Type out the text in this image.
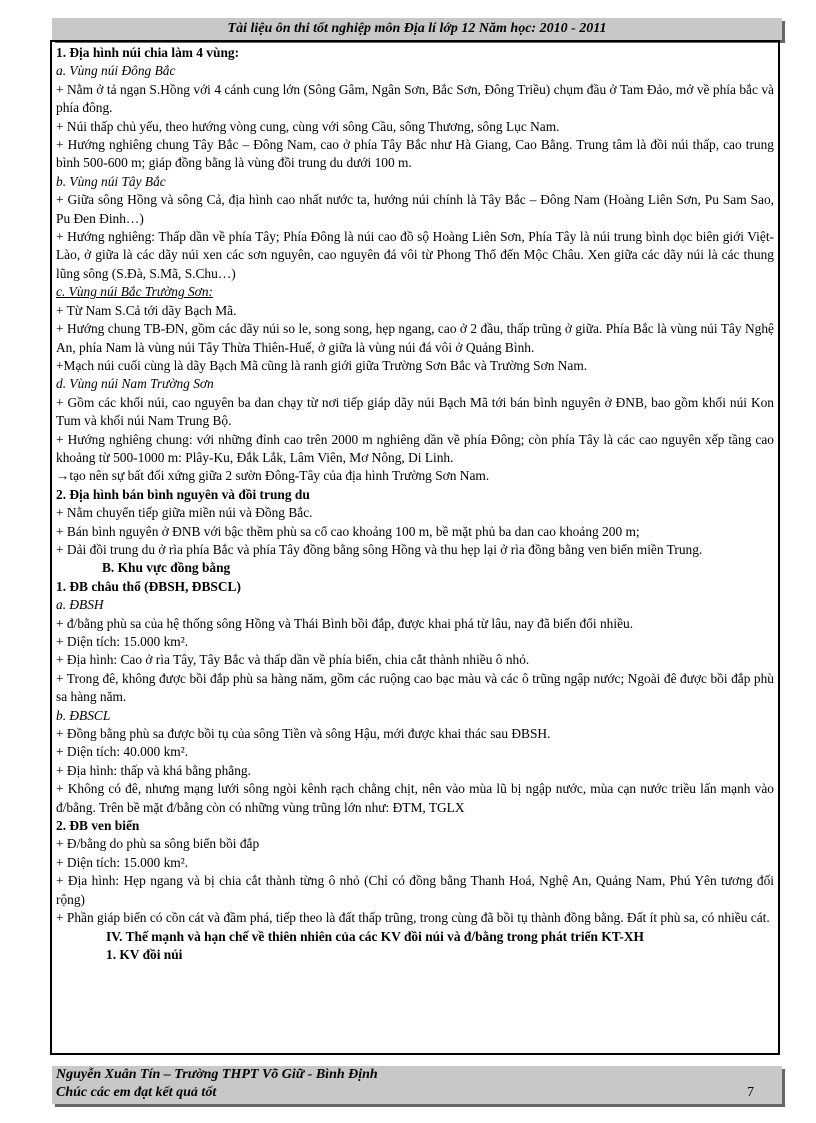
Tài liệu ôn thi tốt nghiệp môn Địa lí lớp 12 Năm học: 2010 - 2011

1. Địa hình núi chia làm 4 vùng:

a. Vùng núi Đông Bắc

+ Nằm ở tả ngạn S.Hồng với 4 cánh cung lớn (Sông Gâm, Ngân Sơn, Bắc Sơn, Đông Triều) chụm đầu ở Tam Đảo, mở về phía bắc và phía đông.

+ Núi thấp chủ yếu, theo hướng vòng cung, cùng với sông Cầu, sông Thương, sông Lục Nam.

+ Hướng nghiêng chung Tây Bắc – Đông Nam, cao ở phía Tây Bắc như Hà Giang, Cao Bằng. Trung tâm là đồi núi thấp, cao trung bình 500-600 m; giáp đồng bằng là vùng đồi trung du dưới 100 m.

b. Vùng núi Tây Bắc

+ Giữa sông Hồng và sông Cả, địa hình cao nhất nước ta, hướng núi chính là Tây Bắc – Đông Nam (Hoàng Liên Sơn, Pu Sam Sao, Pu Đen Đinh…)

+ Hướng nghiêng: Thấp dần về phía Tây; Phía Đông là núi cao đồ sộ Hoàng Liên Sơn, Phía Tây là núi trung bình dọc biên giới Việt-Lào, ở giữa là các dãy núi xen các sơn nguyên, cao nguyên đá vôi từ Phong Thổ đến Mộc Châu. Xen giữa các dãy núi là các thung lũng sông (S.Đà, S.Mã, S.Chu…)

c. Vùng núi Bắc Trường Sơn:

+ Từ Nam S.Cả tới dãy Bạch Mã.

+ Hướng chung TB-ĐN, gồm các dãy núi so le, song song, hẹp ngang, cao ở 2 đầu, thấp trũng ở giữa. Phía Bắc là vùng núi Tây Nghệ An, phía Nam là vùng núi Tây Thừa Thiên-Huế, ở giữa là vùng núi đá vôi ở Quảng Bình.

+Mạch núi cuối cùng là dãy Bạch Mã cũng là ranh giới giữa Trường Sơn Bắc và Trường Sơn Nam.

d. Vùng núi Nam Trường Sơn

+ Gồm các khối núi, cao nguyên ba dan chạy từ nơi tiếp giáp dãy núi Bạch Mã tới bán bình nguyên ở ĐNB, bao gồm khối núi Kon Tum và khối núi Nam Trung Bộ.

+ Hướng nghiêng chung: với những đỉnh cao trên 2000 m nghiêng dần về phía Đông; còn phía Tây là các cao nguyên xếp tầng cao khoảng từ 500-1000 m: Plây-Ku, Đắk Lắk, Lâm Viên, Mơ Nông, Di Linh.

→tạo nên sự bất đối xứng giữa 2 sườn Đông-Tây của địa hình Trường Sơn Nam.

2. Địa hình bán bình nguyên và đồi trung du

+ Nằm chuyển tiếp giữa miền núi và Đồng Bắc.

+ Bán bình nguyên ở ĐNB với bậc thềm phù sa cổ cao khoảng 100 m, bề mặt phủ ba dan cao khoảng 200 m;

+ Dải đồi trung du ở rìa phía Bắc và phía Tây đồng bằng sông Hồng và thu hẹp lại ở rìa đồng bằng ven biển miền Trung.

B. Khu vực đồng bằng

1. ĐB châu thổ (ĐBSH, ĐBSCL)

a. ĐBSH

+ đ/bằng phù sa của hệ thống sông Hồng và Thái Bình bồi đắp, được khai phá từ lâu, nay đã biến đổi nhiều.

+ Diện tích: 15.000 km².

+ Địa hình: Cao ở rìa Tây, Tây Bắc và thấp dần về phía biển, chia cắt thành nhiều ô nhỏ.

+ Trong đê, không được bồi đắp phù sa hàng năm, gồm các ruộng cao bạc màu và các ô trũng ngập nước; Ngoài đê được bồi đắp phù sa hàng năm.

b. ĐBSCL

+ Đồng bằng phù sa được bồi tụ của sông Tiền và sông Hậu, mới được khai thác sau ĐBSH.

+ Diện tích: 40.000 km².

+ Địa hình: thấp và khá bằng phẳng.

+ Không có đê, nhưng mạng lưới sông ngòi kênh rạch chằng chịt, nên vào mùa lũ bị ngập nước, mùa cạn nước triều lấn mạnh vào đ/bằng. Trên bề mặt đ/bằng còn có những vùng trũng lớn như: ĐTM, TGLX

2. ĐB ven biển

+ Đ/bằng do phù sa sông biển bồi đắp

+ Diện tích: 15.000 km².

+ Địa hình: Hẹp ngang và bị chia cắt thành từng ô nhỏ (Chỉ có đồng bằng Thanh Hoá, Nghệ An, Quảng Nam, Phú Yên tương đối rộng)

+ Phần giáp biển có cồn cát và đầm phá, tiếp theo là đất thấp trũng, trong cùng đã bồi tụ thành đồng bằng. Đất ít phù sa, có nhiều cát.

IV. Thế mạnh và hạn chế về thiên nhiên của các KV đồi núi và đ/bằng trong phát triển KT-XH

1. KV đồi núi

Nguyễn Xuân Tín – Trường THPT Võ Giữ - Bình Định
Chúc các em đạt kết quả tốt	7
